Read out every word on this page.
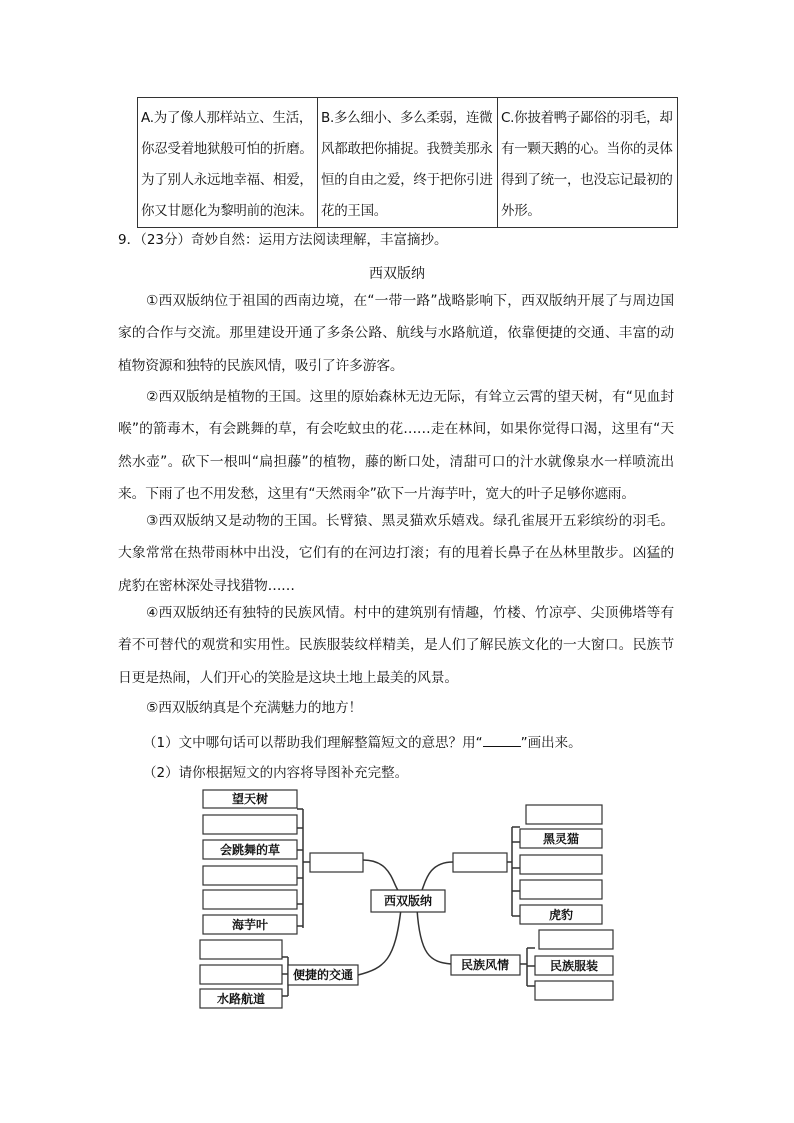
A.为了像人那样站立、生活，你忍受着地狱般可怕的折磨。为了别人永远地幸福、相爱，你又甘愿化为黎明前的泡沫。	B.多么细小、多么柔弱，连微风都敢把你捕捉。我赞美那永恒的自由之爱，终于把你引进花的王国。	C.你披着鸭子鄙俗的羽毛，却有一颗天鹅的心。当你的灵体得到了统一，也没忘记最初的外形。
9．（23分）奇妙自然：运用方法阅读理解，丰富摘抄。
西双版纳
①西双版纳位于祖国的西南边境，在“一带一路”战略影响下，西双版纳开展了与周边国家的合作与交流。那里建设开通了多条公路、航线与水路航道，依靠便捷的交通、丰富的动植物资源和独特的民族风情，吸引了许多游客。
②西双版纳是植物的王国。这里的原始森林无边无际，有耸立云霄的望天树，有“见血封喉”的箭毒木，有会跳舞的草，有会吃蚊虫的花……走在林间，如果你觉得口渴，这里有“天然水壶”。砍下一根叫“扁担藤”的植物，藤的断口处，清甜可口的汁水就像泉水一样喷流出来。下雨了也不用发愁，这里有“天然雨伞”砍下一片海芋叶，宽大的叶子足够你遮雨。
③西双版纳又是动物的王国。长臂猿、黑灵猫欢乐嬉戏。绿孔雀展开五彩缤纷的羽毛。大象常常在热带雨林中出没，它们有的在河边打滚；有的甩着长鼻子在丛林里散步。凶猛的虎豹在密林深处寻找猎物……
④西双版纳还有独特的民族风情。村中的建筑别有情趣，竹楼、竹凉亭、尖顶佛塔等有着不可替代的观赏和实用性。民族服装纹样精美，是人们了解民族文化的一大窗口。民族节日更是热闹，人们开心的笑脸是这块土地上最美的风景。
⑤西双版纳真是个充满魅力的地方！
（1）文中哪句话可以帮助我们理解整篇短文的意思？用“	”画出来。
（2）请你根据短文的内容将导图补充完整。
望天树
会跳舞的草
海芋叶
西双版纳
黑灵猫
虎豹
水路航道
便捷的交通
民族风情	民族服装
